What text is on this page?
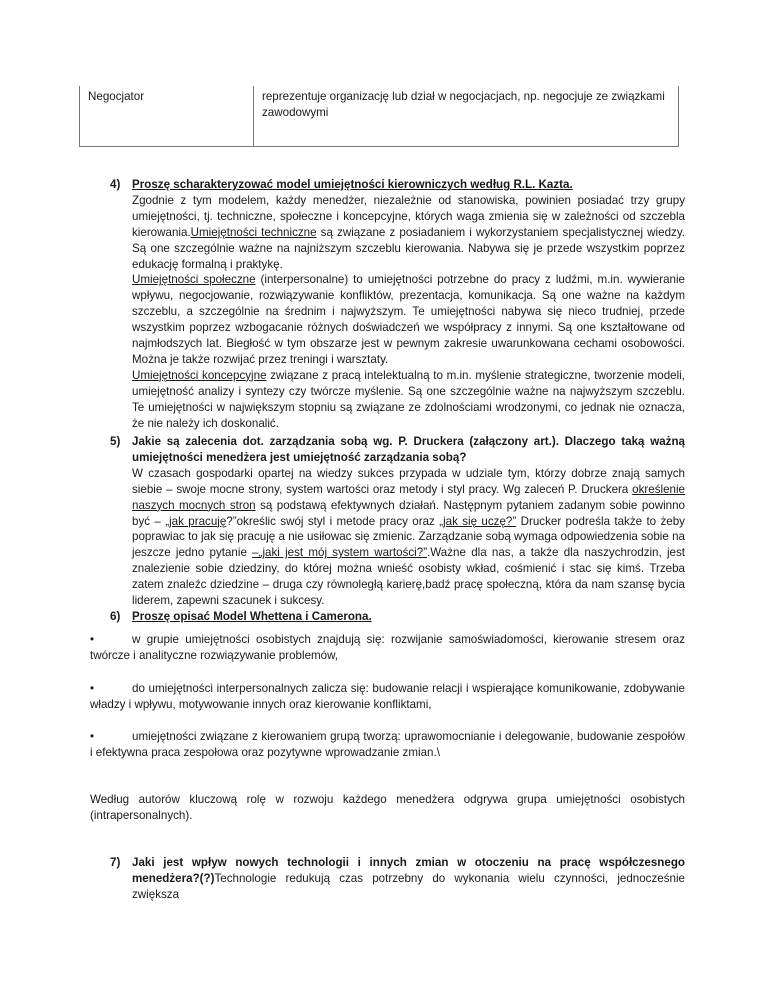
Negocjator	reprezentuje organizację lub dział w negocjacjach, np. negocjuje ze związkami zawodowymi
4)	Proszę scharakteryzować model umiejętności kierowniczych według R.L. Kazta.

Zgodnie z tym modelem, każdy menedżer, niezależnie od stanowiska, powinien posiadać trzy grupy umiejętności, tj. techniczne, społeczne i koncepcyjne, których waga zmienia się w zależności od szczebla kierowania.Umiejętności techniczne są związane z posiadaniem i wykorzystaniem specjalistycznej wiedzy. Są one szczególnie ważne na najniższym szczeblu kierowania. Nabywa się je przede wszystkim poprzez edukację formalną i praktykę.

Umiejętności społeczne (interpersonalne) to umiejętności potrzebne do pracy z ludźmi, m.in. wywieranie wpływu, negocjowanie, rozwiązywanie konfliktów, prezentacja, komunikacja. Są one ważne na każdym szczeblu, a szczególnie na średnim i najwyższym. Te umiejętności nabywa się nieco trudniej, przede wszystkim poprzez wzbogacanie różnych doświadczeń we współpracy z innymi. Są one kształtowane od najmłodszych lat. Biegłość w tym obszarze jest w pewnym zakresie uwarunkowana cechami osobowości. Można je także rozwijać przez treningi i warsztaty.

Umiejętności koncepcyjne związane z pracą intelektualną to m.in. myślenie strategiczne, tworzenie modeli, umiejętność analizy i syntezy czy twórcze myślenie. Są one szczególnie ważne na najwyższym szczeblu. Te umiejętności w największym stopniu są związane ze zdolnościami wrodzonymi, co jednak nie oznacza, że nie należy ich doskonalić.

5)	Jakie są zalecenia dot. zarządzania sobą wg. P. Druckera (załączony art.). Dlaczego taką ważną umiejętności menedżera jest umiejętność zarządzania sobą?

W czasach gospodarki opartej na wiedzy sukces przypada w udziale tym, którzy dobrze znają samych siebie – swoje mocne strony, system wartości oraz metody i styl pracy. Wg zaleceń P. Druckera określenie naszych mocnych stron są podstawą efektywnych działań. Następnym pytaniem zadanym sobie powinno być – „jak pracuję?”określic swój styl i metode pracy oraz „jak się uczę?” Drucker podreśla także to żeby poprawiac to jak się pracuję a nie usiłowac się zmienic. Zarządzanie sobą wymaga odpowiedzenia sobie na jeszcze jedno pytanie –„jaki jest mój system wartości?”.Ważne dla nas, a także dla naszychrodzin, jest znalezienie sobie dziedziny, do której można wnieść osobisty wkład, cośmienić i stac się kimś. Trzeba zatem znaleźc dziedzine – druga czy równoległą karierę,badź pracę społeczną, która da nam szansę bycia liderem, zapewni szacunek i sukcesy.

6)	Proszę opisać Model Whettena i Camerona.
•	w grupie umiejętności osobistych znajdują się: rozwijanie samoświadomości, kierowanie stresem oraz twórcze i analityczne rozwiązywanie problemów,
•	do umiejętności interpersonalnych zalicza się: budowanie relacji i wspierające komunikowanie, zdobywanie władzy i wpływu, motywowanie innych oraz kierowanie konfliktami,
•	umiejętności związane z kierowaniem grupą tworzą: uprawomocnianie i delegowanie, budowanie zespołów i efektywna praca zespołowa oraz pozytywne wprowadzanie zmian.\
Według autorów kluczową rolę w rozwoju każdego menedżera odgrywa grupa umiejętności osobistych (intrapersonalnych).
7)	Jaki jest wpływ nowych technologii i innych zmian w otoczeniu na pracę współczesnego menedżera?(?)Technologie redukują czas potrzebny do wykonania wielu czynności, jednocześnie zwiększa
